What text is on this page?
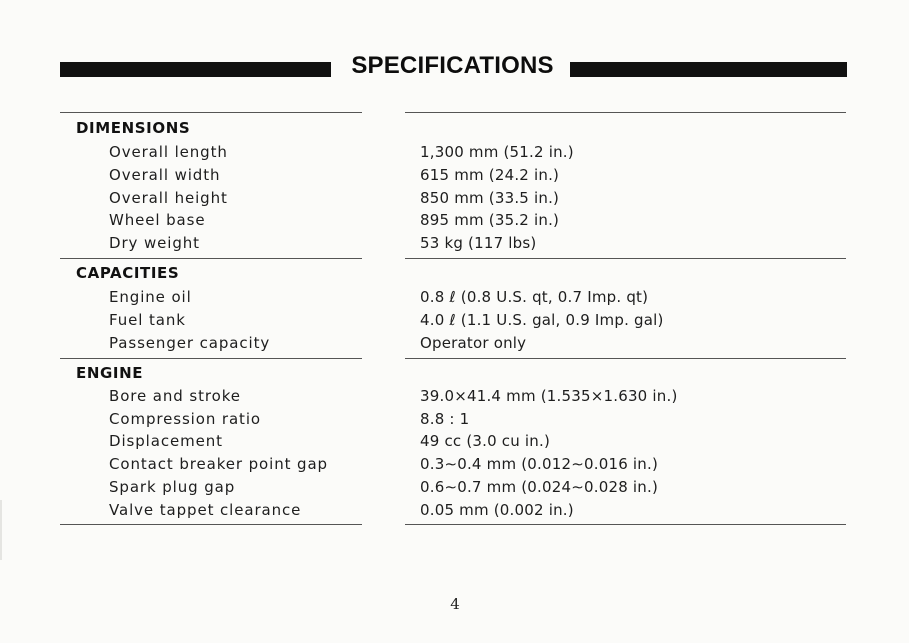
SPECIFICATIONS
DIMENSIONS
Overall length	1,300 mm (51.2 in.)
Overall width	615 mm (24.2 in.)
Overall height	850 mm (33.5 in.)
Wheel base	895 mm (35.2 in.)
Dry weight	53 kg (117 lbs)
CAPACITIES
Engine oil	0.8 ℓ (0.8 U.S. qt, 0.7 Imp. qt)
Fuel tank	4.0 ℓ (1.1 U.S. gal, 0.9 Imp. gal)
Passenger capacity	Operator only
ENGINE
Bore and stroke	39.0×41.4 mm (1.535×1.630 in.)
Compression ratio	8.8 : 1
Displacement	49 cc (3.0 cu in.)
Contact breaker point gap	0.3∼0.4 mm (0.012∼0.016 in.)
Spark plug gap	0.6∼0.7 mm (0.024∼0.028 in.)
Valve tappet clearance	0.05 mm (0.002 in.)
4
